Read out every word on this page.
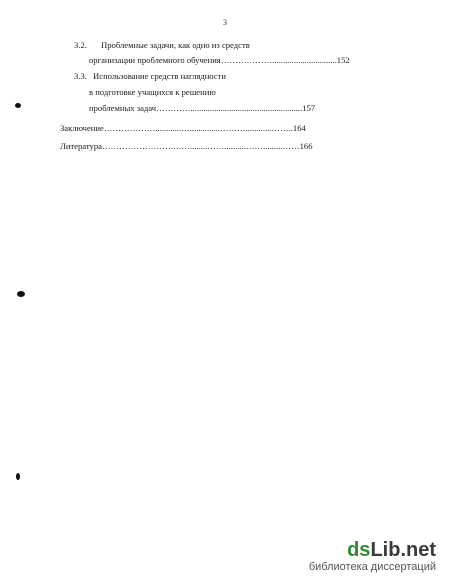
3
3.2. Проблемные задачи, как одно из средств
организации проблемного обучения………………..............................152
3.3. Использование средств наглядности
в подготовке учащихся к решению
проблемных задач…………....................................................157
Заключение………………............…..............………............……..164
Литература…………………….……........……..........…….........……166
dsLib.net
библиотека диссертаций
